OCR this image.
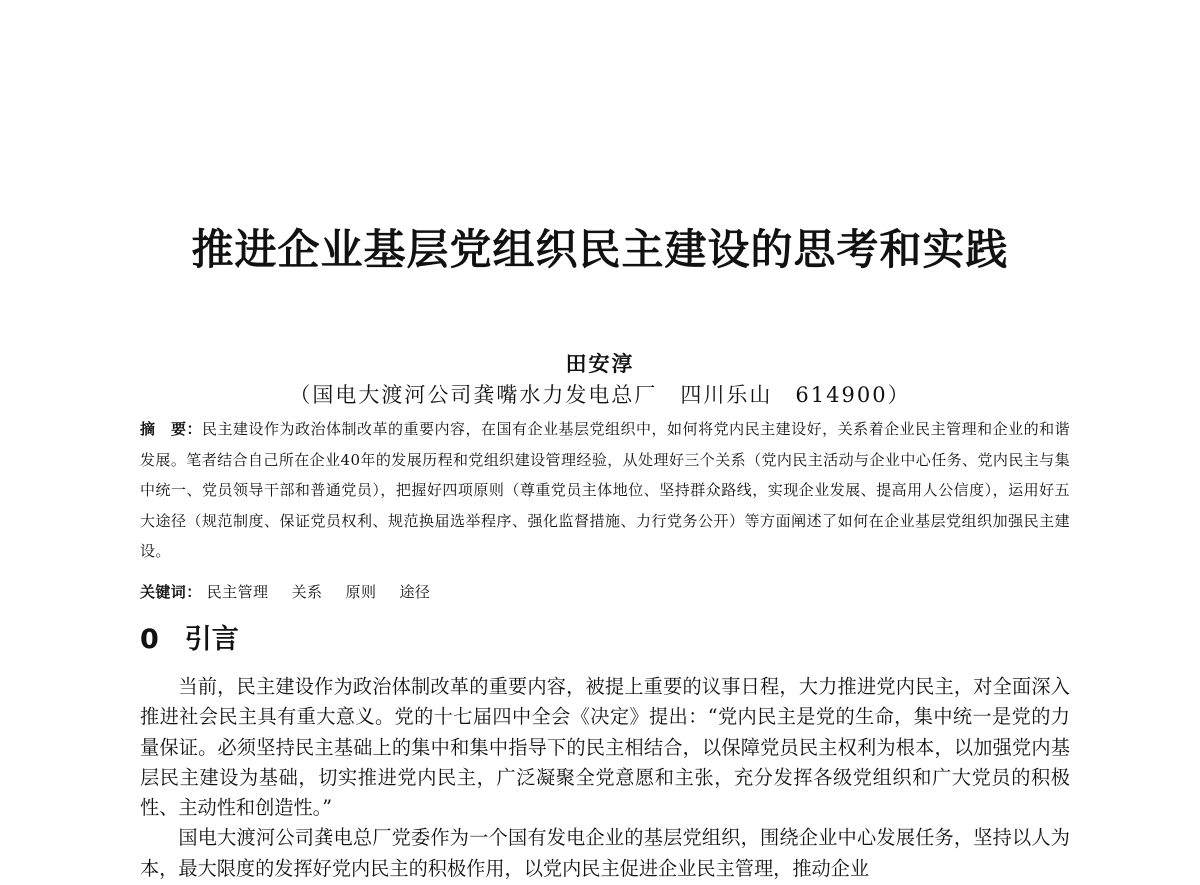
推进企业基层党组织民主建设的思考和实践
田安淳
（国电大渡河公司龚嘴水力发电总厂　四川乐山　614900）

摘　要：民主建设作为政治体制改革的重要内容，在国有企业基层党组织中，如何将党内民主建设好，关系着企业民主管理和企业的和谐发展。笔者结合自己所在企业40年的发展历程和党组织建设管理经验，从处理好三个关系（党内民主活动与企业中心任务、党内民主与集中统一、党员领导干部和普通党员），把握好四项原则（尊重党员主体地位、坚持群众路线，实现企业发展、提高用人公信度），运用好五大途径（规范制度、保证党员权利、规范换届选举程序、强化监督措施、力行党务公开）等方面阐述了如何在企业基层党组织加强民主建设。

关键词： 民主管理 关系 原则 途径
0 引言

当前，民主建设作为政治体制改革的重要内容，被提上重要的议事日程，大力推进党内民主，对全面深入推进社会民主具有重大意义。党的十七届四中全会《决定》提出：“党内民主是党的生命，集中统一是党的力量保证。必须坚持民主基础上的集中和集中指导下的民主相结合，以保障党员民主权利为根本，以加强党内基层民主建设为基础，切实推进党内民主，广泛凝聚全党意愿和主张，充分发挥各级党组织和广大党员的积极性、主动性和创造性。”

国电大渡河公司龚电总厂党委作为一个国有发电企业的基层党组织，围绕企业中心发展任务，坚持以人为本，最大限度的发挥好党内民主的积极作用，以党内民主促进企业民主管理，推动企业
